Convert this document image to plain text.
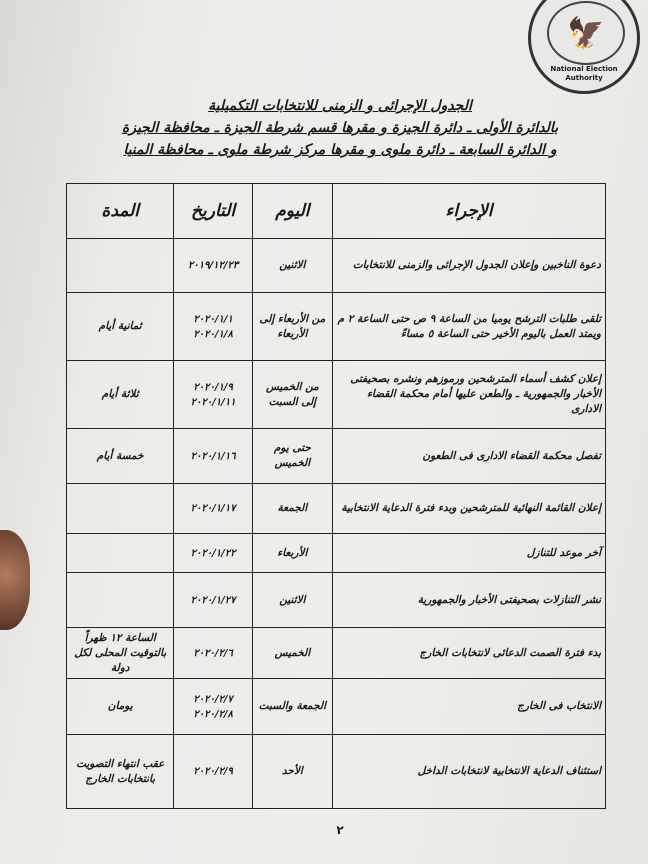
🦅
National Election Authority
الجدول الإجرائى و الزمنى للانتخابات التكميلية
بالدائرة الأولى ـ دائرة الجيزة و مقرها قسم شرطة الجيزة ـ محافظة الجيزة
و الدائرة السابعة ـ دائرة ملوى و مقرها مركز شرطة ملوى ـ محافظة المنيا
الإجراء	اليوم	التاريخ	المدة
دعوة الناخبين وإعلان الجدول الإجرائى والزمنى للانتخابات	الاثنين	٢٠١٩/١٢/٢٣	
تلقى طلبات الترشح يوميا من الساعة ٩ ص حتى الساعة ٢ م ويمتد العمل باليوم الأخير حتى الساعة ٥ مساءً	من الأربعاء إلى الأربعاء	٢٠٢٠/١/١ ٢٠٢٠/١/٨	ثمانية أيام
إعلان كشف أسماء المترشحين ورموزهم ونشره بصحيفتى الأخبار والجمهورية ـ والطعن عليها أمام محكمة القضاء الادارى	من الخميس إلى السبت	٢٠٢٠/١/٩ ٢٠٢٠/١/١١	ثلاثة أيام
تفصل محكمة القضاء الادارى فى الطعون	حتى يوم الخميس	٢٠٢٠/١/١٦	خمسة أيام
إعلان القائمة النهائية للمترشحين وبدء فترة الدعاية الانتخابية	الجمعة	٢٠٢٠/١/١٧	
آخر موعد للتنازل	الأربعاء	٢٠٢٠/١/٢٢	
نشر التنازلات بصحيفتى الأخبار والجمهورية	الاثنين	٢٠٢٠/١/٢٧	
بدء فترة الصمت الدعائى لانتخابات الخارج	الخميس	٢٠٢٠/٢/٦	الساعة ١٢ ظهراً بالتوقيت المحلى لكل دولة
الانتخاب فى الخارج	الجمعة والسبت	٢٠٢٠/٢/٧ ٢٠٢٠/٢/٨	يومان
استئناف الدعاية الانتخابية لانتخابات الداخل	الأحد	٢٠٢٠/٢/٩	عقب انتهاء التصويت بانتخابات الخارج
٢
